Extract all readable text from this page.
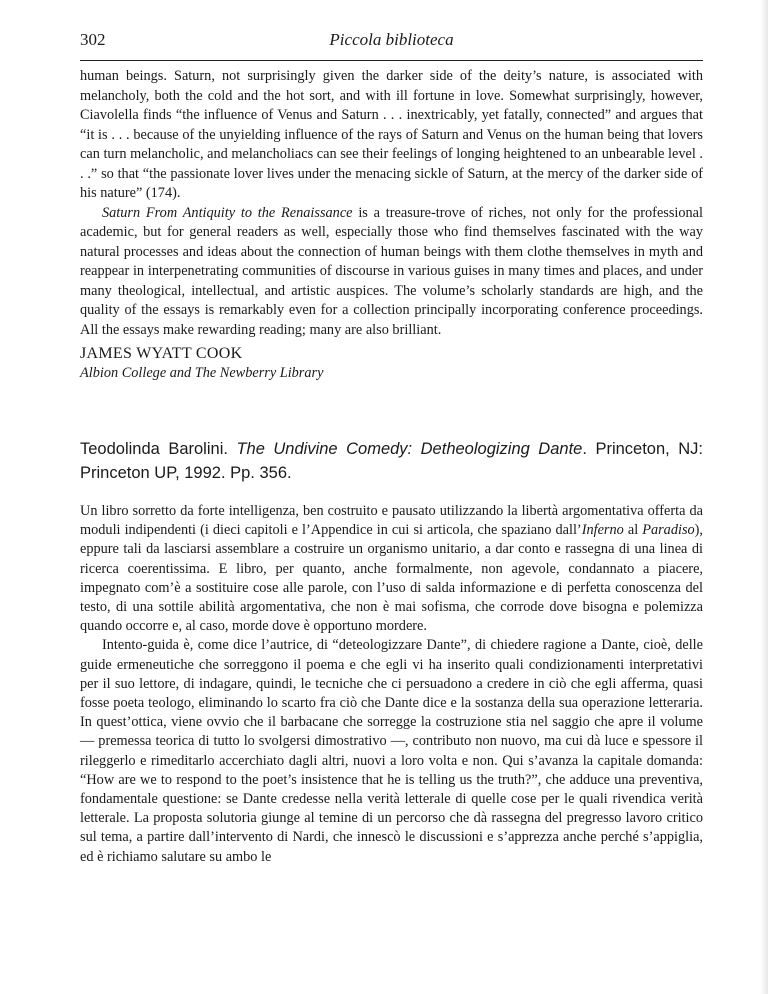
302	Piccola biblioteca

human beings. Saturn, not surprisingly given the darker side of the deity’s nature, is associated with melancholy, both the cold and the hot sort, and with ill fortune in love. Somewhat surprisingly, however, Ciavolella finds “the influence of Venus and Saturn . . . inextricably, yet fatally, connected” and argues that “it is . . . because of the unyielding influence of the rays of Saturn and Venus on the human being that lovers can turn melancholic, and melancholiacs can see their feelings of longing heightened to an unbearable level . . .” so that “the passionate lover lives under the menacing sickle of Saturn, at the mercy of the darker side of his nature” (174).

Saturn From Antiquity to the Renaissance is a treasure-trove of riches, not only for the professional academic, but for general readers as well, especially those who find themselves fascinated with the way natural processes and ideas about the connection of human beings with them clothe themselves in myth and reappear in interpenetrating communities of discourse in various guises in many times and places, and under many theological, intellectual, and artistic auspices. The volume’s scholarly standards are high, and the quality of the essays is remarkably even for a collection principally incorporating conference proceedings. All the essays make rewarding reading; many are also brilliant.

JAMES WYATT COOK
Albion College and The Newberry Library
Teodolinda Barolini. The Undivine Comedy: Detheologizing Dante. Princeton, NJ: Princeton UP, 1992. Pp. 356.

Un libro sorretto da forte intelligenza, ben costruito e pausato utilizzando la libertà argomentativa offerta da moduli indipendenti (i dieci capitoli e l’Appendice in cui si articola, che spaziano dall’Inferno al Paradiso), eppure tali da lasciarsi assemblare a costruire un organismo unitario, a dar conto e rassegna di una linea di ricerca coerentissima. E libro, per quanto, anche formalmente, non agevole, condannato a piacere, impegnato com’è a sostituire cose alle parole, con l’uso di salda informazione e di perfetta conoscenza del testo, di una sottile abilità argomentativa, che non è mai sofisma, che corrode dove bisogna e polemizza quando occorre e, al caso, morde dove è opportuno mordere.

Intento-guida è, come dice l’autrice, di “deteologizzare Dante”, di chiedere ragione a Dante, cioè, delle guide ermeneutiche che sorreggono il poema e che egli vi ha inserito quali condizionamenti interpretativi per il suo lettore, di indagare, quindi, le tecniche che ci persuadono a credere in ciò che egli afferma, quasi fosse poeta teologo, eliminando lo scarto fra ciò che Dante dice e la sostanza della sua operazione letteraria. In quest’ottica, viene ovvio che il barbacane che sorregge la costruzione stia nel saggio che apre il volume — premessa teorica di tutto lo svolgersi dimostrativo —, contributo non nuovo, ma cui dà luce e spessore il rileggerlo e rimeditarlo accerchiato dagli altri, nuovi a loro volta e non. Qui s’avanza la capitale domanda: “How are we to respond to the poet’s insistence that he is telling us the truth?”, che adduce una preventiva, fondamentale questione: se Dante credesse nella verità letterale di quelle cose per le quali rivendica verità letterale. La proposta solutoria giunge al temine di un percorso che dà rassegna del pregresso lavoro critico sul tema, a partire dall’intervento di Nardi, che innescò le discussioni e s’apprezza anche perché s’appiglia, ed è richiamo salutare su ambo le
